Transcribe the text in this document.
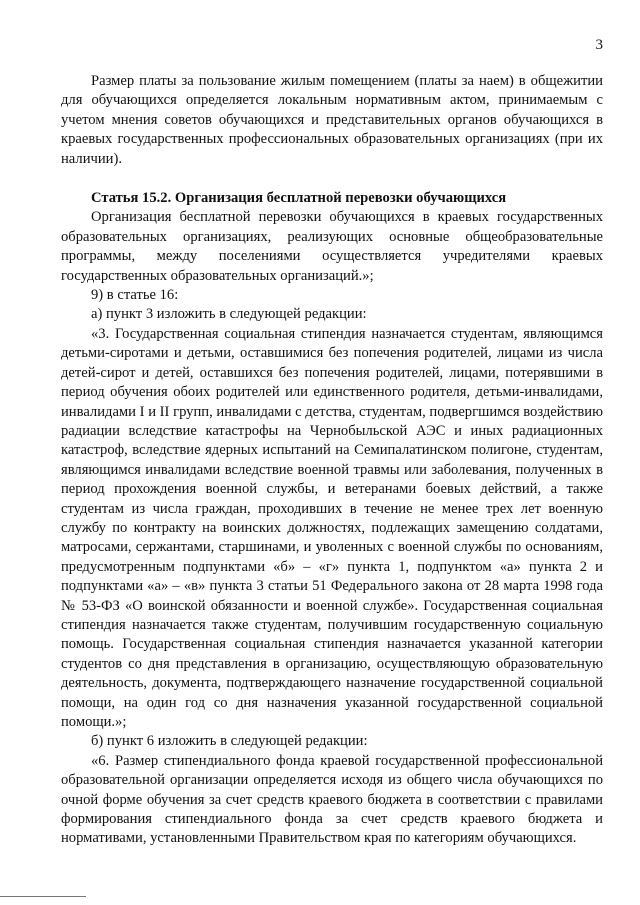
3

Размер платы за пользование жилым помещением (платы за наем) в общежитии для обучающихся определяется локальным нормативным актом, принимаемым с учетом мнения советов обучающихся и представительных органов обучающихся в краевых государственных профессиональных образовательных организациях (при их наличии).

Статья 15.2. Организация бесплатной перевозки обучающихся

Организация бесплатной перевозки обучающихся в краевых государственных образовательных организациях, реализующих основные общеобразовательные программы, между поселениями осуществляется учредителями краевых государственных образовательных организаций.»;

9) в статье 16:

а) пункт 3 изложить в следующей редакции:

«3. Государственная социальная стипендия назначается студентам, являющимся детьми-сиротами и детьми, оставшимися без попечения родителей, лицами из числа детей-сирот и детей, оставшихся без попечения родителей, лицами, потерявшими в период обучения обоих родителей или единственного родителя, детьми-инвалидами, инвалидами I и II групп, инвалидами с детства, студентам, подвергшимся воздействию радиации вследствие катастрофы на Чернобыльской АЭС и иных радиационных катастроф, вследствие ядерных испытаний на Семипалатинском полигоне, студентам, являющимся инвалидами вследствие военной травмы или заболевания, полученных в период прохождения военной службы, и ветеранами боевых действий, а также студентам из числа граждан, проходивших в течение не менее трех лет военную службу по контракту на воинских должностях, подлежащих замещению солдатами, матросами, сержантами, старшинами, и уволенных с военной службы по основаниям, предусмотренным подпунктами «б» – «г» пункта 1, подпунктом «а» пункта 2 и подпунктами «а» – «в» пункта 3 статьи 51 Федерального закона от 28 марта 1998 года № 53-ФЗ «О воинской обязанности и военной службе». Государственная социальная стипендия назначается также студентам, получившим государственную социальную помощь. Государственная социальная стипендия назначается указанной категории студентов со дня представления в организацию, осуществляющую образовательную деятельность, документа, подтверждающего назначение государственной социальной помощи, на один год со дня назначения указанной государственной социальной помощи.»;

б) пункт 6 изложить в следующей редакции:

«6. Размер стипендиального фонда краевой государственной профессиональной образовательной организации определяется исходя из общего числа обучающихся по очной форме обучения за счет средств краевого бюджета в соответствии с правилами формирования стипендиального фонда за счет средств краевого бюджета и нормативами, установленными Правительством края по категориям обучающихся.
